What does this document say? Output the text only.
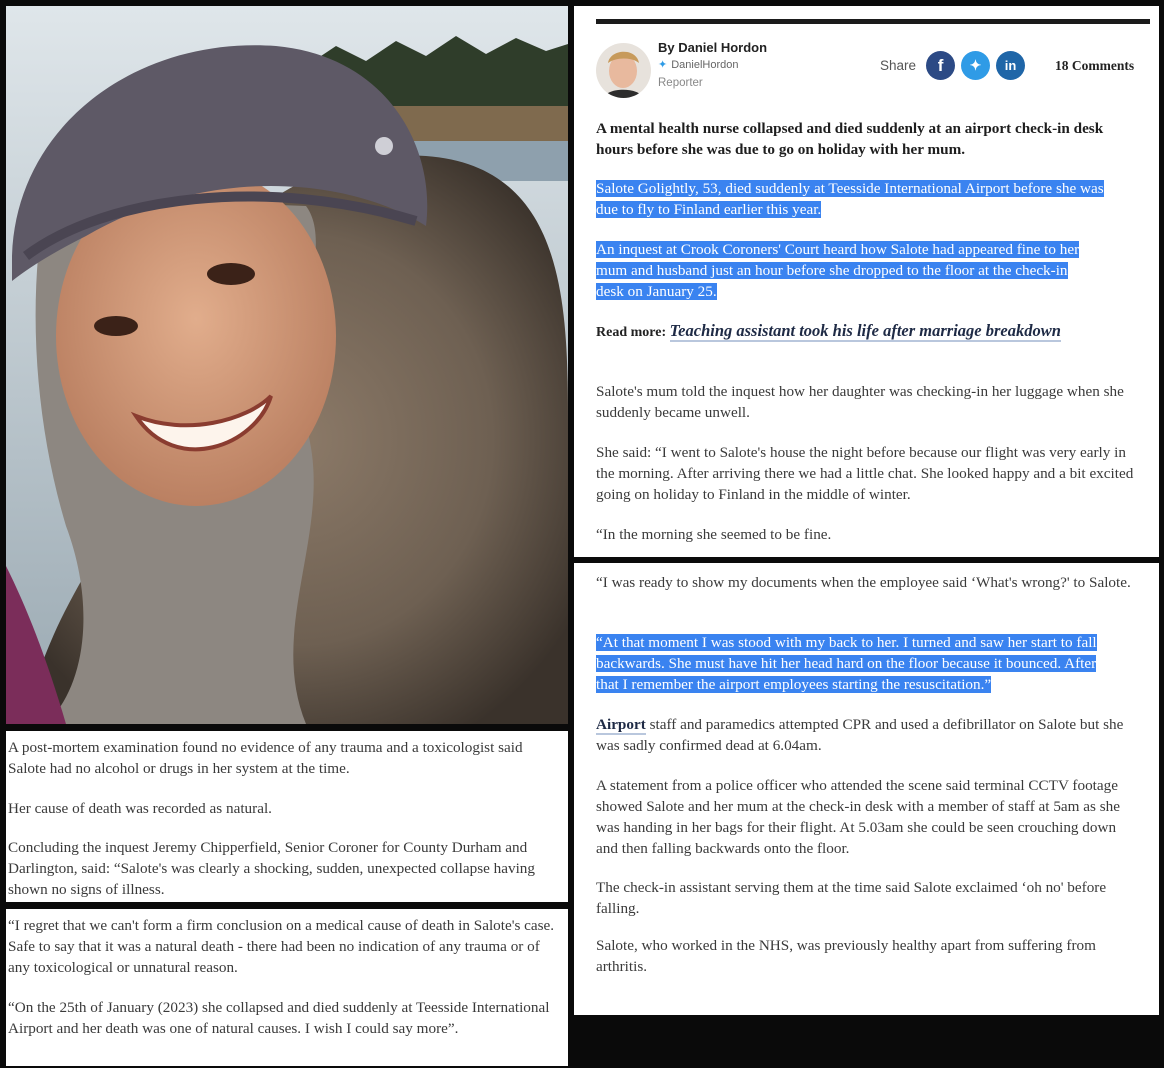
By Daniel Hordon
✦ DanielHordon
Reporter
Share	f	✦	in	18 Comments

A mental health nurse collapsed and died suddenly at an airport check-in desk hours before she was due to go on holiday with her mum.

Salote Golightly, 53, died suddenly at Teesside International Airport before she was
due to fly to Finland earlier this year.

An inquest at Crook Coroners' Court heard how Salote had appeared fine to her
mum and husband just an hour before she dropped to the floor at the check-in
desk on January 25.

Read more: Teaching assistant took his life after marriage breakdown

Salote's mum told the inquest how her daughter was checking-in her luggage when she suddenly became unwell.

She said: “I went to Salote's house the night before because our flight was very early in the morning. After arriving there we had a little chat. She looked happy and a bit excited going on holiday to Finland in the middle of winter.

“In the morning she seemed to be fine.

“I was ready to show my documents when the employee said ‘What's wrong?' to Salote.

“At that moment I was stood with my back to her. I turned and saw her start to fall
backwards. She must have hit her head hard on the floor because it bounced. After
that I remember the airport employees starting the resuscitation.”

Airport staff and paramedics attempted CPR and used a defibrillator on Salote but she was sadly confirmed dead at 6.04am.

A statement from a police officer who attended the scene said terminal CCTV footage showed Salote and her mum at the check-in desk with a member of staff at 5am as she was handing in her bags for their flight. At 5.03am she could be seen crouching down and then falling backwards onto the floor.

The check-in assistant serving them at the time said Salote exclaimed ‘oh no' before falling.

Salote, who worked in the NHS, was previously healthy apart from suffering from arthritis.

A post-mortem examination found no evidence of any trauma and a toxicologist said Salote had no alcohol or drugs in her system at the time.

Her cause of death was recorded as natural.

Concluding the inquest Jeremy Chipperfield, Senior Coroner for County Durham and Darlington, said: “Salote's was clearly a shocking, sudden, unexpected collapse having shown no signs of illness.

“I regret that we can't form a firm conclusion on a medical cause of death in Salote's case. Safe to say that it was a natural death - there had been no indication of any trauma or of any toxicological or unnatural reason.

“On the 25th of January (2023) she collapsed and died suddenly at Teesside International Airport and her death was one of natural causes. I wish I could say more”.
